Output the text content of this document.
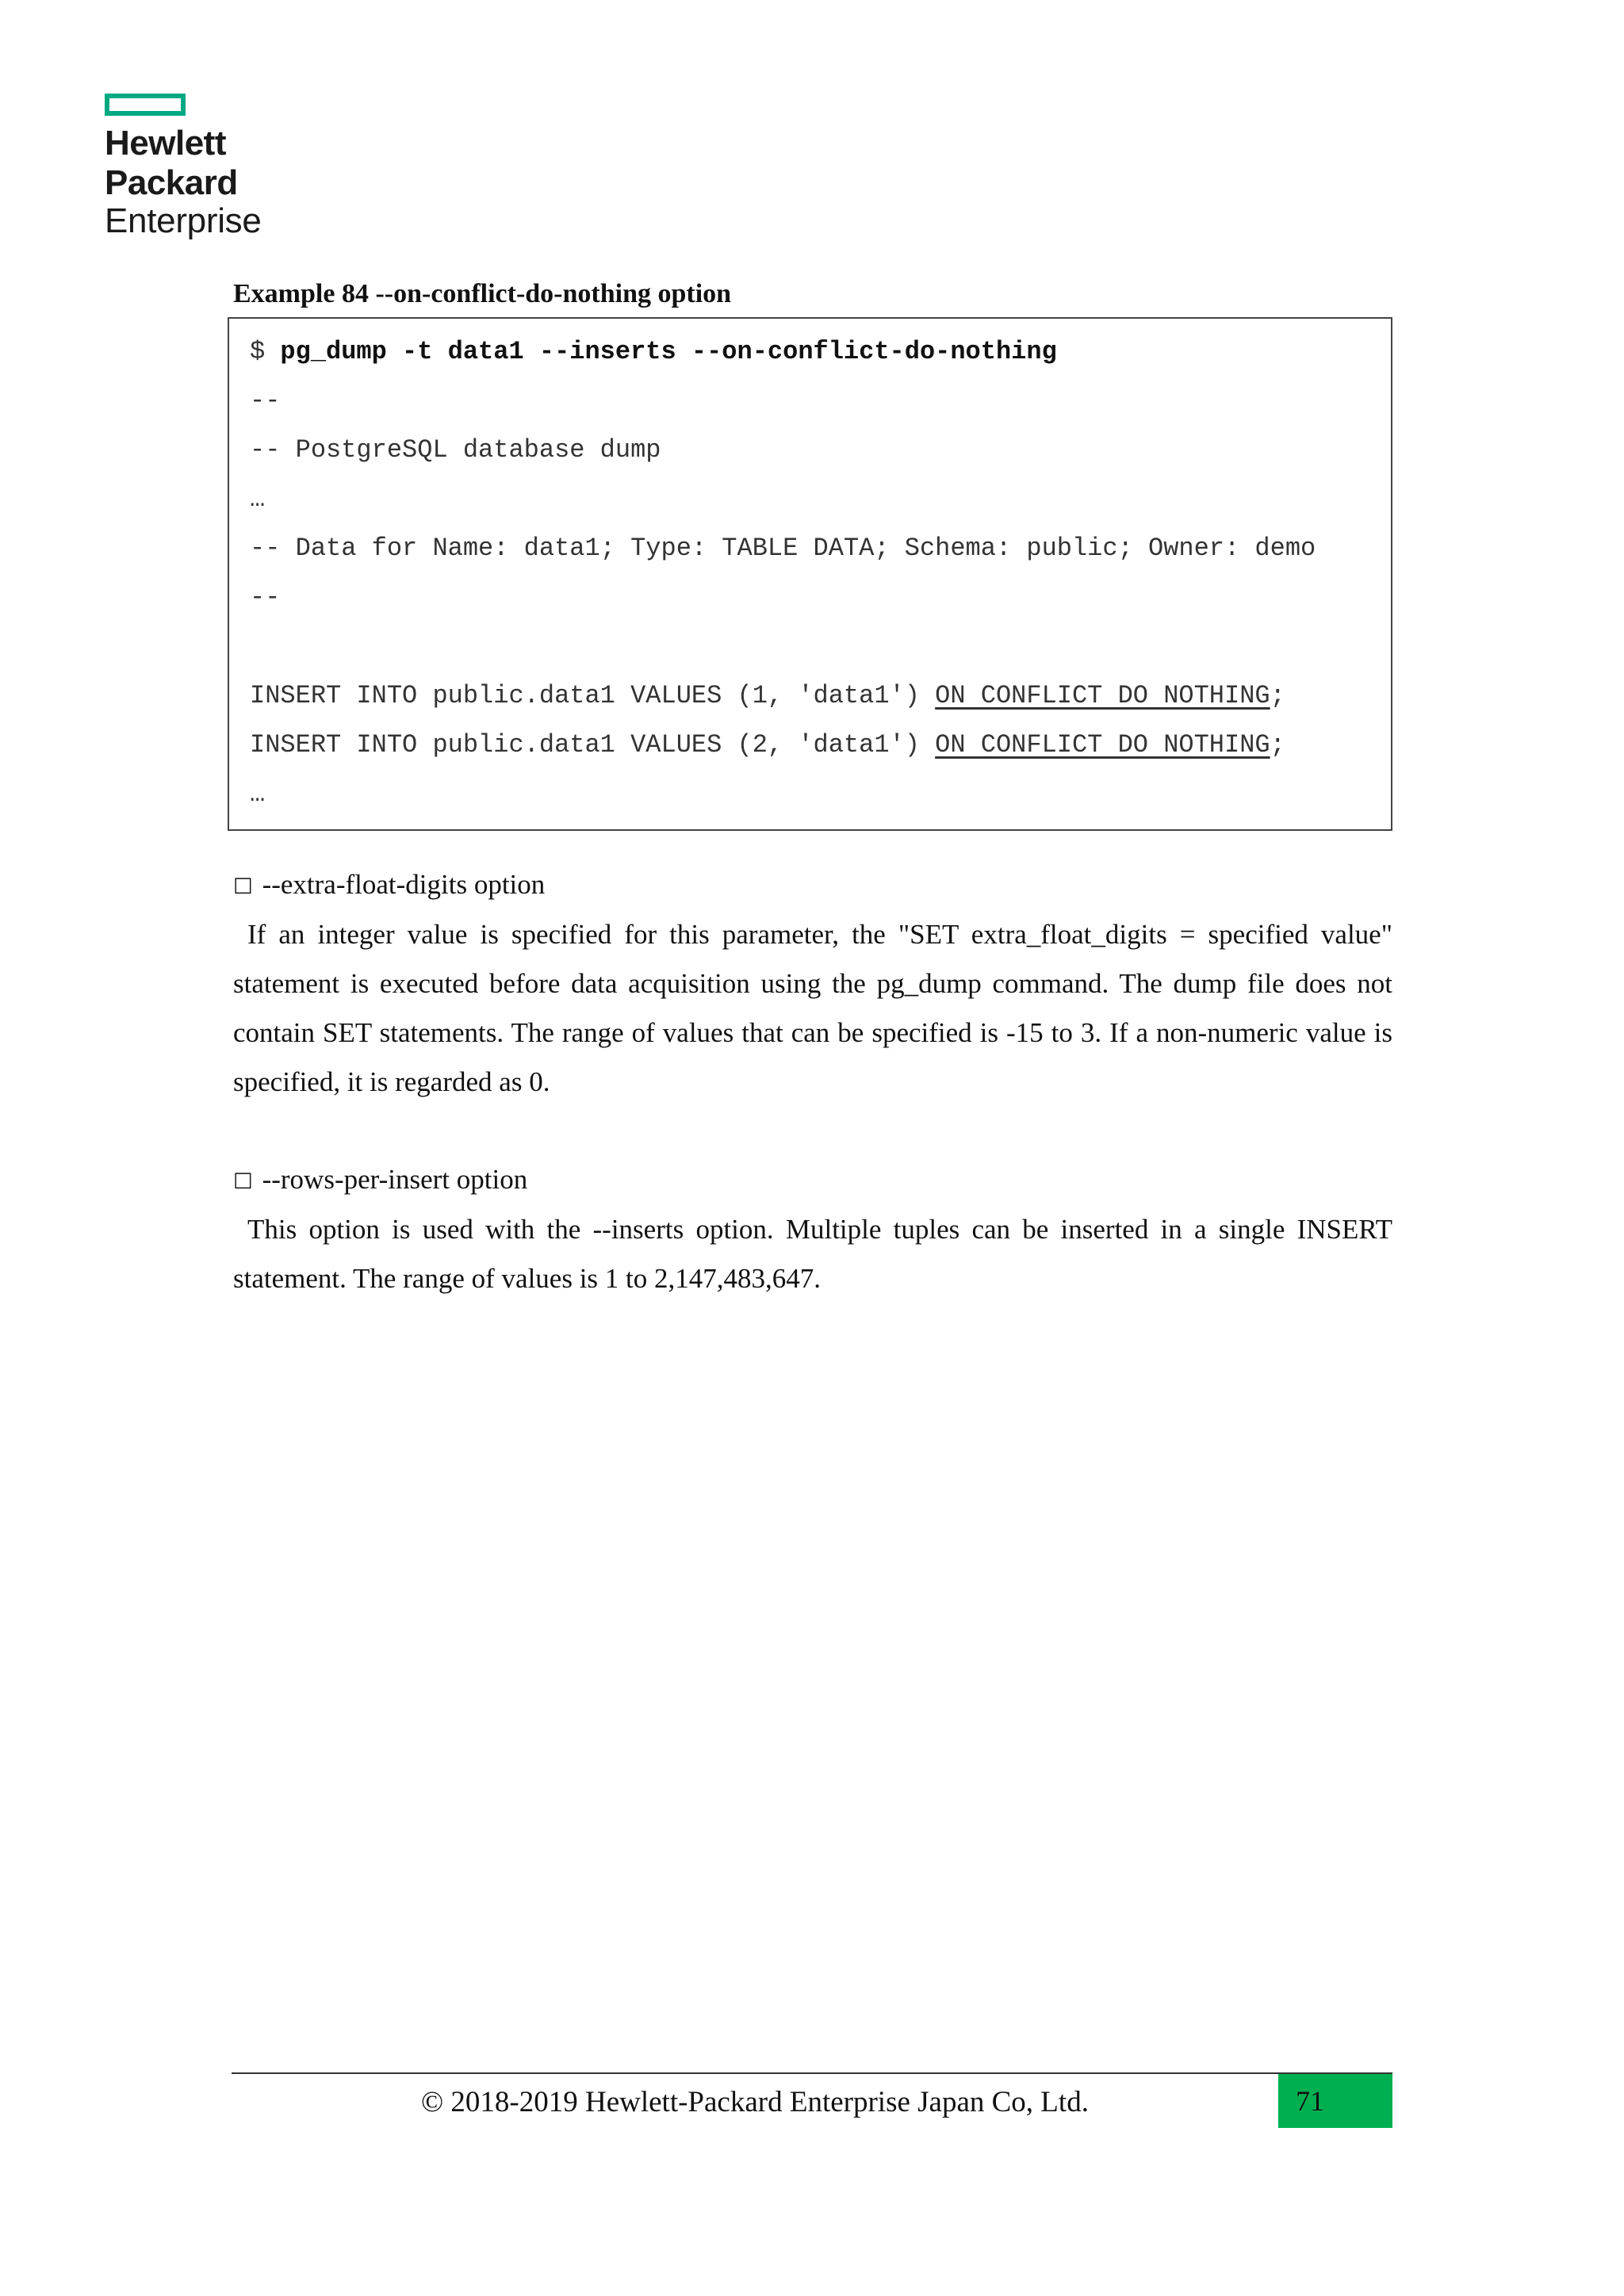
Hewlett Packard
Enterprise
Example 84 --on-conflict-do-nothing option
$ pg_dump -t data1 --inserts --on-conflict-do-nothing
--
-- PostgreSQL database dump
…
-- Data for Name: data1; Type: TABLE DATA; Schema: public; Owner: demo
--
INSERT INTO public.data1 VALUES (1, 'data1') ON CONFLICT DO NOTHING;
INSERT INTO public.data1 VALUES (2, 'data1') ON CONFLICT DO NOTHING;
…
□ --extra-float-digits option
If an integer value is specified for this parameter, the "SET extra_float_digits = specified value" statement is executed before data acquisition using the pg_dump command. The dump file does not contain SET statements. The range of values that can be specified is -15 to 3. If a non-numeric value is specified, it is regarded as 0.
□ --rows-per-insert option
This option is used with the --inserts option. Multiple tuples can be inserted in a single INSERT statement. The range of values is 1 to 2,147,483,647.
© 2018-2019 Hewlett-Packard Enterprise Japan Co, Ltd.	71
